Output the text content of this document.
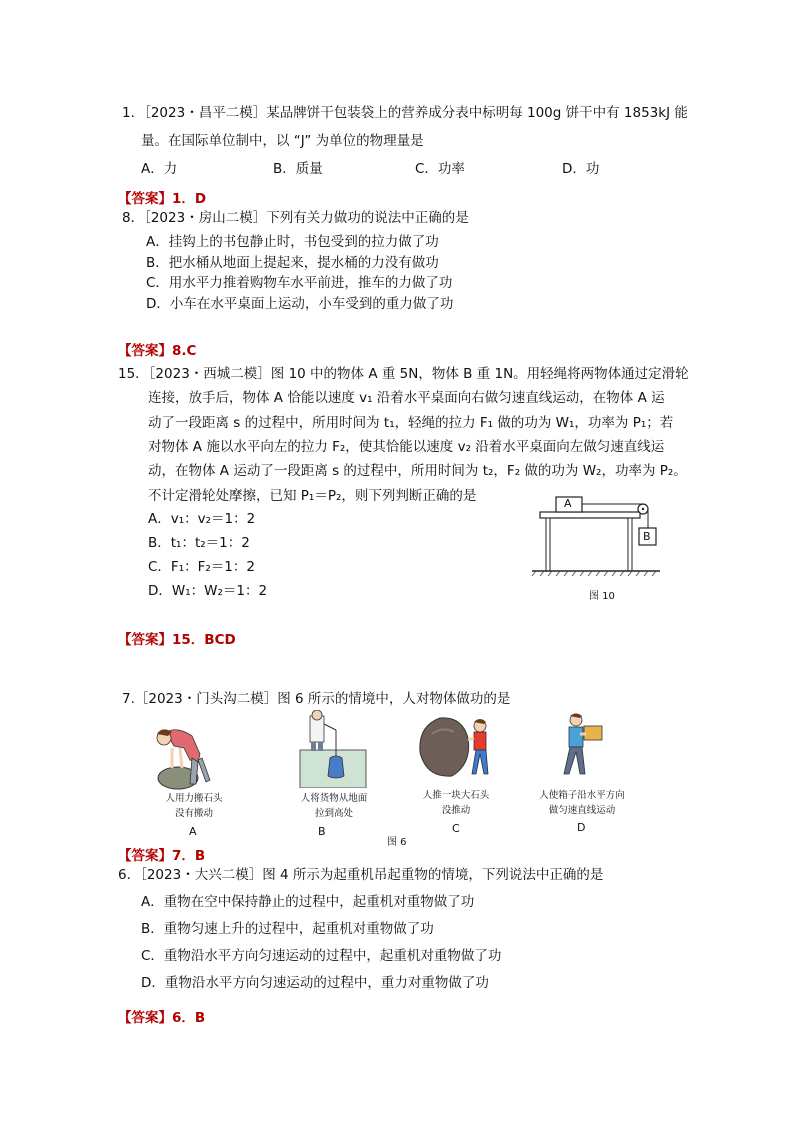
1．［2023・昌平二模］某品牌饼干包装袋上的营养成分表中标明每 100g 饼干中有 1853kJ 能
量。在国际单位制中，以 “J” 为单位的物理量是
A．力	B．质量	C．功率	D．功
【答案】1．D
8．［2023・房山二模］下列有关力做功的说法中正确的是
A．挂钩上的书包静止时，书包受到的拉力做了功
B．把水桶从地面上提起来，提水桶的力没有做功
C．用水平力推着购物车水平前进，推车的力做了功
D．小车在水平桌面上运动，小车受到的重力做了功
【答案】8.C
15．［2023・西城二模］图 10 中的物体 A 重 5N，物体 B 重 1N。用轻绳将两物体通过定滑轮
连接，放手后，物体 A 恰能以速度 v₁ 沿着水平桌面向右做匀速直线运动，在物体 A 运
动了一段距离 s 的过程中，所用时间为 t₁，轻绳的拉力 F₁ 做的功为 W₁，功率为 P₁；若
对物体 A 施以水平向左的拉力 F₂，使其恰能以速度 v₂ 沿着水平桌面向左做匀速直线运
动，在物体 A 运动了一段距离 s 的过程中，所用时间为 t₂，F₂ 做的功为 W₂，功率为 P₂。
不计定滑轮处摩擦，已知 P₁＝P₂，则下列判断正确的是
A．v₁：v₂＝1：2
B．t₁：t₂＝1：2
C．F₁：F₂＝1：2
D．W₁：W₂＝1：2
A
B
图 10
【答案】15．BCD
7.［2023・门头沟二模］图 6 所示的情境中，人对物体做功的是
人用力搬石头
没有搬动
A
人将货物从地面
拉到高处
B
人推一块大石头
没推动
C
人使箱子沿水平方向
做匀速直线运动
D
图 6
【答案】7．B
6．［2023・大兴二模］图 4 所示为起重机吊起重物的情境，下列说法中正确的是
A．重物在空中保持静止的过程中，起重机对重物做了功
B．重物匀速上升的过程中，起重机对重物做了功
C．重物沿水平方向匀速运动的过程中，起重机对重物做了功
D．重物沿水平方向匀速运动的过程中，重力对重物做了功
【答案】6．B
